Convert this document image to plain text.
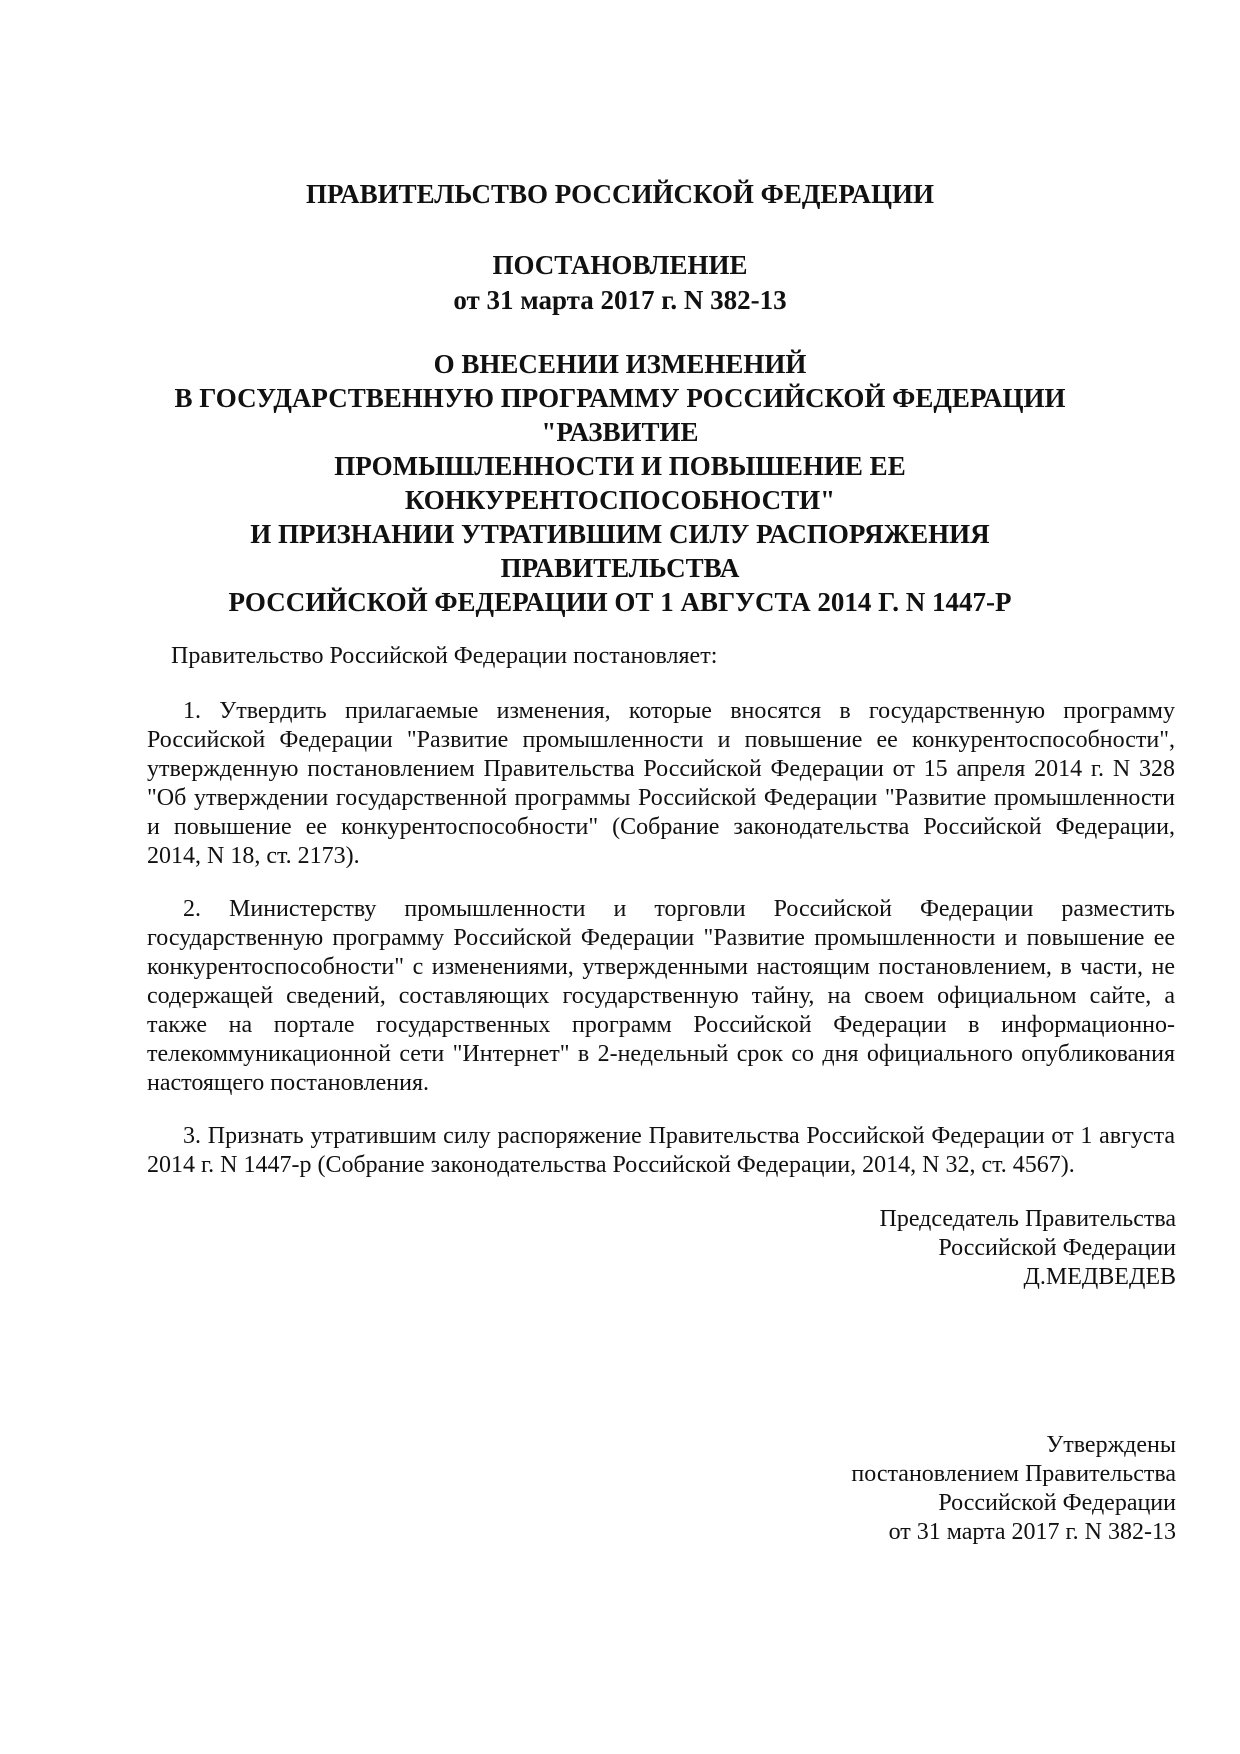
ПРАВИТЕЛЬСТВО РОССИЙСКОЙ ФЕДЕРАЦИИ
ПОСТАНОВЛЕНИЕ
от 31 марта 2017 г. N 382-13
О ВНЕСЕНИИ ИЗМЕНЕНИЙ
В ГОСУДАРСТВЕННУЮ ПРОГРАММУ РОССИЙСКОЙ ФЕДЕРАЦИИ
"РАЗВИТИЕ
ПРОМЫШЛЕННОСТИ И ПОВЫШЕНИЕ ЕЕ
КОНКУРЕНТОСПОСОБНОСТИ"
И ПРИЗНАНИИ УТРАТИВШИМ СИЛУ РАСПОРЯЖЕНИЯ
ПРАВИТЕЛЬСТВА
РОССИЙСКОЙ ФЕДЕРАЦИИ ОТ 1 АВГУСТА 2014 Г. N 1447-Р

Правительство Российской Федерации постановляет:

1. Утвердить прилагаемые изменения, которые вносятся в государственную программу Российской Федерации "Развитие промышленности и повышение ее конкурентоспособности", утвержденную постановлением Правительства Российской Федерации от 15 апреля 2014 г. N 328 "Об утверждении государственной программы Российской Федерации "Развитие промышленности и повышение ее конкурентоспособности" (Собрание законодательства Российской Федерации, 2014, N 18, ст. 2173).

2. Министерству промышленности и торговли Российской Федерации разместить государственную программу Российской Федерации "Развитие промышленности и повышение ее конкурентоспособности" с изменениями, утвержденными настоящим постановлением, в части, не содержащей сведений, составляющих государственную тайну, на своем официальном сайте, а также на портале государственных программ Российской Федерации в информационно-телекоммуникационной сети "Интернет" в 2-недельный срок со дня официального опубликования настоящего постановления.

3. Признать утратившим силу распоряжение Правительства Российской Федерации от 1 августа 2014 г. N 1447-р (Собрание законодательства Российской Федерации, 2014, N 32, ст. 4567).

Председатель Правительства
Российской Федерации
Д.МЕДВЕДЕВ
Утверждены
постановлением Правительства
Российской Федерации
от 31 марта 2017 г. N 382-13
